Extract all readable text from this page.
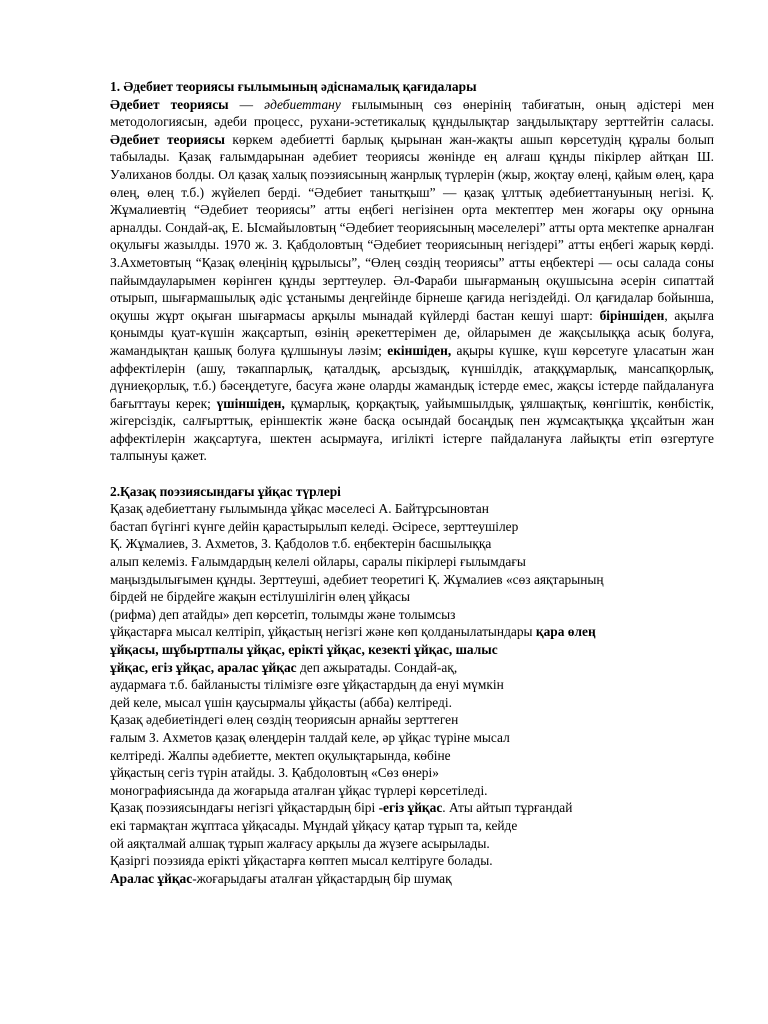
1. Әдебиет теориясы ғылымының әдіснамалық қағидалары

Әдебиет теориясы — әдебиеттану ғылымының сөз өнерінің табиғатын, оның әдістері мен методологиясын, әдеби процесс, рухани-эстетикалық құндылықтар заңдылықтару зерттейтін саласы. Әдебиет теориясы көркем әдебиетті барлық қырынан жан-жақты ашып көрсетудің құралы болып табылады. Қазақ ғалымдарынан әдебиет теориясы жөнінде ең алғаш құнды пікірлер айтқан Ш. Уәлиханов болды. Ол қазақ халық поэзиясының жанрлық түрлерін (жыр, жоқтау өлеңі, қайым өлең, қара өлең, өлең т.б.) жүйелеп берді. “Әдебиет танытқыш” — қазақ ұлттық әдебиеттануының негізі. Қ. Жұмалиевтің “Әдебиет теориясы” атты еңбегі негізінен орта мектептер мен жоғары оқу орнына арналды. Сондай-ақ, Е. Ысмайыловтың “Әдебиет теориясының мәселелері” атты орта мектепке арналған оқулығы жазылды. 1970 ж. З. Қабдоловтың “Әдебиет теориясының негіздері” атты еңбегі жарық көрді. З.Ахметовтың “Қазақ өлеңінің құрылысы”, “Өлең сөздің теориясы” атты еңбектері — осы салада соны пайымдауларымен көрінген құнды зерттеулер. Әл-Фараби шығарманың оқушысына әсерін сипаттай отырып, шығармашылық әдіс ұстанымы деңгейінде бірнеше қағида негіздейді. Ол қағидалар бойынша, оқушы жұрт оқыған шығармасы арқылы мынадай күйлерді бастан кешуі шарт: біріншіден, ақылға қонымды қуат-күшін жақсартып, өзінің әрекеттерімен де, ойларымен де жақсылыққа асық болуға, жамандықтан қашық болуға құлшынуы ләзім; екіншіден, ақыры күшке, күш көрсетуге ұласатын жан аффектілерін (ашу, тәкаппарлық, қаталдық, арсыздық, күншілдік, атаққұмарлық, мансапқорлық, дүниеқорлық, т.б.) бәсеңдетуге, басуға және оларды жамандық істерде емес, жақсы істерде пайдалануға бағыттауы керек; үшіншіден, құмарлық, қорқақтық, уайымшылдық, ұялшақтық, көнгіштік, көнбістік, жігерсіздік, салғырттық, еріншектік және басқа осындай босаңдық пен жұмсақтыққа ұқсайтын жан аффектілерін жақсартуға, шектен асырмауға, игілікті істерге пайдалануға лайықты етіп өзгертуге талпынуы қажет.

2.Қазақ поэзиясындағы ұйқас түрлері

Қазақ әдебиеттану ғылымында ұйқас мәселесі А. Байтұрсыновтан

бастап бүгінгі күнге дейін қарастырылып келеді. Әсіресе, зерттеушілер

Қ. Жұмалиев, З. Ахметов, З. Қабдолов т.б. еңбектерін басшылыққа

алып келеміз. Ғалымдардың келелі ойлары, саралы пікірлері ғылымдағы

маңыздылығымен құнды. Зерттеуші, әдебиет теоретигі Қ. Жұмалиев «сөз аяқтарының

бірдей не бірдейге жақын естілушілігін өлең ұйқасы

(рифма) деп атайды» деп көрсетіп, толымды және толымсыз

ұйқастарға мысал келтіріп, ұйқастың негізгі және көп қолданылатындары қара өлең

ұйқасы, шұбыртпалы ұйқас, ерікті ұйқас, кезекті ұйқас, шалыс

ұйқас, егіз ұйқас, аралас ұйқас деп ажыратады. Сондай-ақ,

аудармаға т.б. байланысты тілімізге өзге ұйқастардың да енуі мүмкін

дей келе, мысал үшін қаусырмалы ұйқасты (абба) келтіреді.

Қазақ әдебиетіндегі өлең сөздің теориясын арнайы зерттеген

ғалым З. Ахметов қазақ өлеңдерін талдай келе, әр ұйқас түріне мысал

келтіреді. Жалпы әдебиетте, мектеп оқулықтарында, көбіне

ұйқастың сегіз түрін атайды. З. Қабдоловтың «Сөз өнері»

монографиясында да жоғарыда аталған ұйқас түрлері көрсетіледі.

Қазақ поэзиясындағы негізгі ұйқастардың бірі -егіз ұйқас. Аты айтып тұрғандай

екі тармақтан жұптаса ұйқасады. Мұндай ұйқасу қатар тұрып та, кейде

ой аяқталмай алшақ тұрып жалғасу арқылы да жүзеге асырылады.

Қазіргі поэзияда ерікті ұйқастарға көптеп мысал келтіруге болады.

Аралас ұйқас-жоғарыдағы аталған ұйқастардың бір шумақ
